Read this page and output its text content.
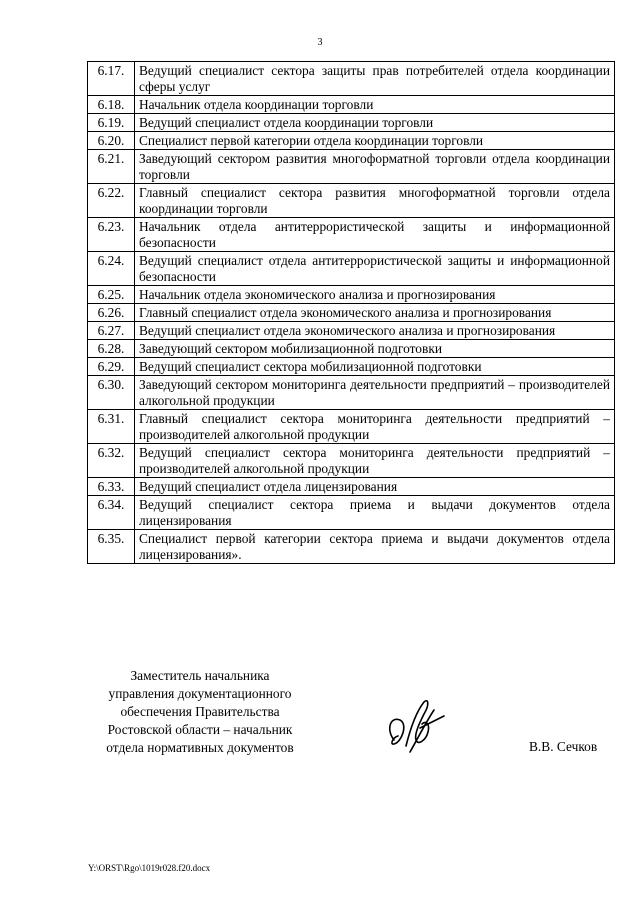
3
6.17.	Ведущий специалист сектора защиты прав потребителей отдела координации сферы услуг
6.18.	Начальник отдела координации торговли
6.19.	Ведущий специалист отдела координации торговли
6.20.	Специалист первой категории отдела координации торговли
6.21.	Заведующий сектором развития многоформатной торговли отдела координации торговли
6.22.	Главный специалист сектора развития многоформатной торговли отдела координации торговли
6.23.	Начальник отдела антитеррористической защиты и информационной безопасности
6.24.	Ведущий специалист отдела антитеррористической защиты и информационной безопасности
6.25.	Начальник отдела экономического анализа и прогнозирования
6.26.	Главный специалист отдела экономического анализа и прогнозирования
6.27.	Ведущий специалист отдела экономического анализа и прогнозирования
6.28.	Заведующий сектором мобилизационной подготовки
6.29.	Ведущий специалист сектора мобилизационной подготовки
6.30.	Заведующий сектором мониторинга деятельности предприятий – производителей алкогольной продукции
6.31.	Главный специалист сектора мониторинга деятельности предприятий – производителей алкогольной продукции
6.32.	Ведущий специалист сектора мониторинга деятельности предприятий – производителей алкогольной продукции
6.33.	Ведущий специалист отдела лицензирования
6.34.	Ведущий специалист сектора приема и выдачи документов отдела лицензирования
6.35.	Специалист первой категории сектора приема и выдачи документов отдела лицензирования».
Заместитель начальника
управления документационного
обеспечения Правительства
Ростовской области – начальник
отдела нормативных документов	В.В. Сечков
Y:\ORST\Rgo\1019r028.f20.docx
